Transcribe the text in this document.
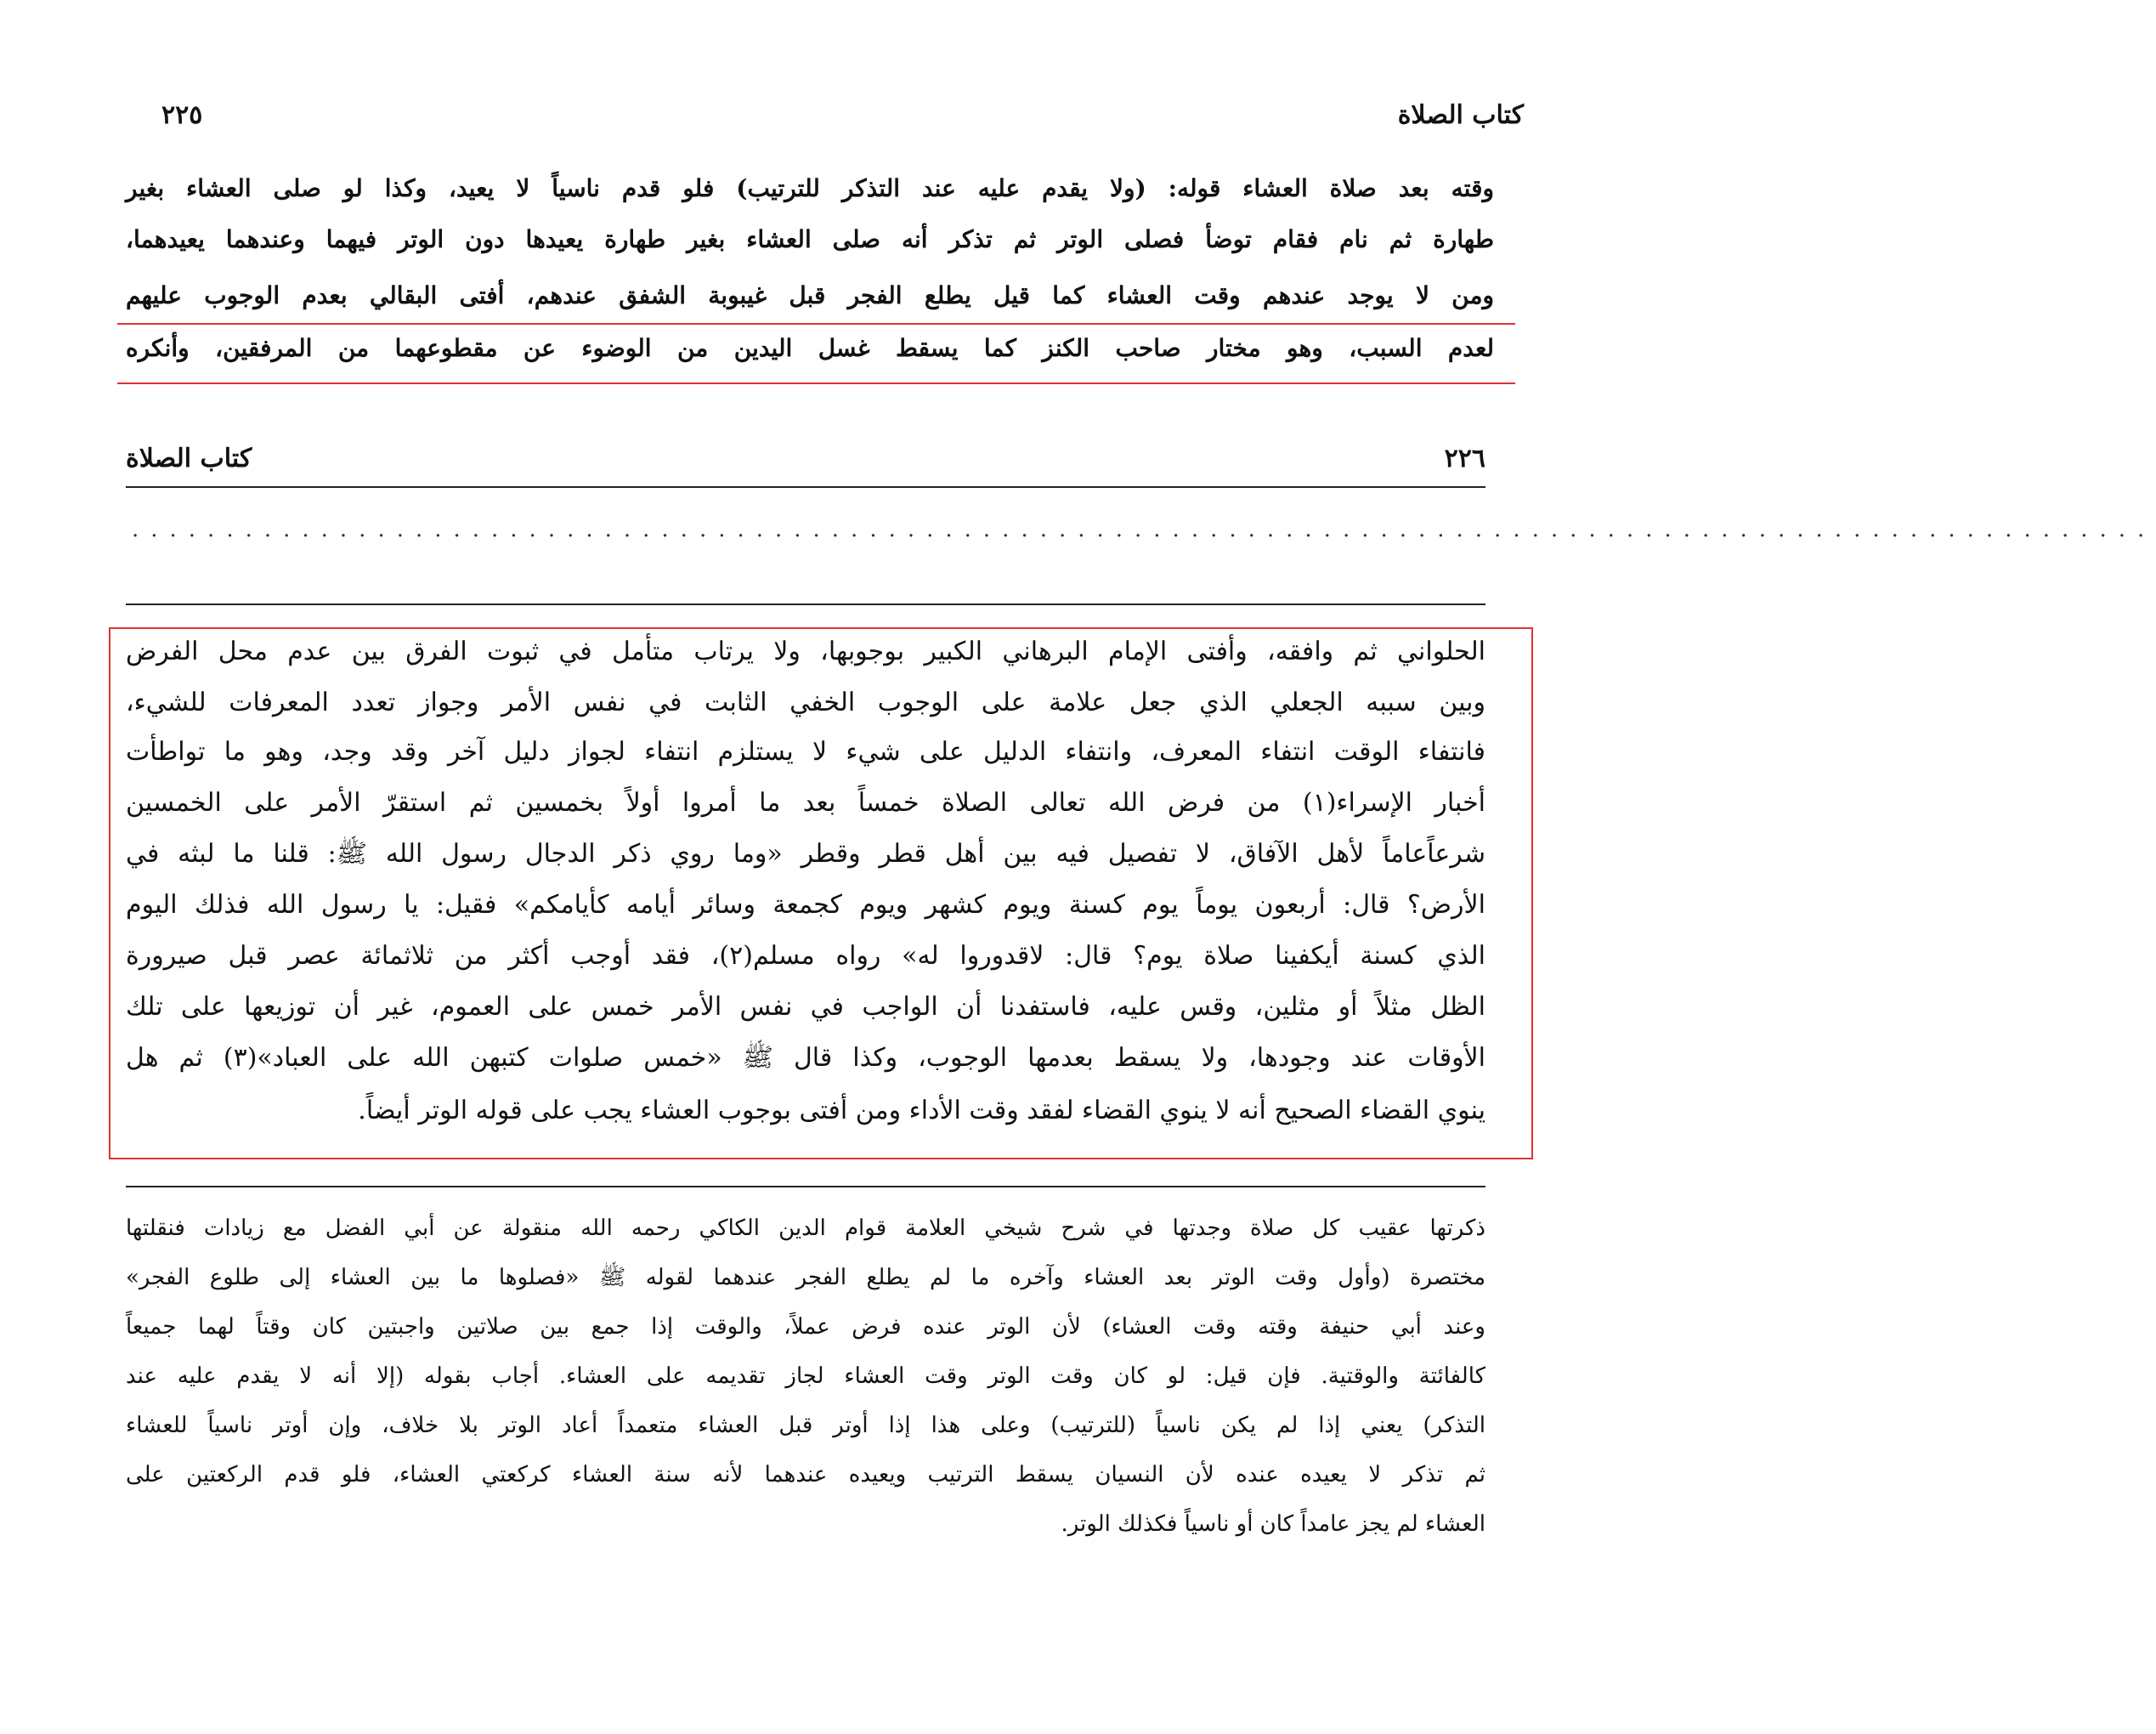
٢٢٥	كتاب الصلاة
وقته بعد صلاة العشاء قوله: (ولا يقدم عليه عند التذكر للترتيب) فلو قدم ناسياً لا يعيد، وكذا لو صلى العشاء بغير
طهارة ثم نام فقام توضأ فصلى الوتر ثم تذكر أنه صلى العشاء بغير طهارة يعيدها دون الوتر فيهما وعندهما يعيدهما،
ومن لا يوجد عندهم وقت العشاء كما قيل يطلع الفجر قبل غيبوبة الشفق عندهم، أفتى البقالي بعدم الوجوب عليهم
لعدم السبب، وهو مختار صاحب الكنز كما يسقط غسل اليدين من الوضوء عن مقطوعهما من المرفقين، وأنكره
٢٢٦
كتاب الصلاة
...........................................................................................................
الحلواني ثم وافقه، وأفتى الإمام البرهاني الكبير بوجوبها، ولا يرتاب متأمل في ثبوت الفرق بين عدم محل الفرض
وبين سببه الجعلي الذي جعل علامة على الوجوب الخفي الثابت في نفس الأمر وجواز تعدد المعرفات للشيء،
فانتفاء الوقت انتفاء المعرف، وانتفاء الدليل على شيء لا يستلزم انتفاء لجواز دليل آخر وقد وجد، وهو ما تواطأت
أخبار الإسراء(١) من فرض الله تعالى الصلاة خمساً بعد ما أمروا أولاً بخمسين ثم استقرّ الأمر على الخمسين
شرعاًعاماً لأهل الآفاق، لا تفصيل فيه بين أهل قطر وقطر «وما روي ذكر الدجال رسول الله ﷺ: قلنا ما لبثه في
الأرض؟ قال: أربعون يوماً يوم كسنة ويوم كشهر ويوم كجمعة وسائر أيامه كأيامكم» فقيل: يا رسول الله فذلك اليوم
الذي كسنة أيكفينا صلاة يوم؟ قال: لاقدوروا له» رواه مسلم(٢)، فقد أوجب أكثر من ثلاثمائة عصر قبل صيرورة
الظل مثلاً أو مثلين، وقس عليه، فاستفدنا أن الواجب في نفس الأمر خمس على العموم، غير أن توزيعها على تلك
الأوقات عند وجودها، ولا يسقط بعدمها الوجوب، وكذا قال ﷺ «خمس صلوات كتبهن الله على العباد»(٣) ثم هل
ينوي القضاء الصحيح أنه لا ينوي القضاء لفقد وقت الأداء ومن أفتى بوجوب العشاء يجب على قوله الوتر أيضاً.
ذكرتها عقيب كل صلاة وجدتها في شرح شيخي العلامة قوام الدين الكاكي رحمه الله منقولة عن أبي الفضل مع زيادات فنقلتها
مختصرة (وأول وقت الوتر بعد العشاء وآخره ما لم يطلع الفجر عندهما لقوله ﷺ «فصلوها ما بين العشاء إلى طلوع الفجر»
وعند أبي حنيفة وقته وقت العشاء) لأن الوتر عنده فرض عملاً، والوقت إذا جمع بين صلاتين واجبتين كان وقتاً لهما جميعاً
كالفائتة والوقتية. فإن قيل: لو كان وقت الوتر وقت العشاء لجاز تقديمه على العشاء. أجاب بقوله (إلا أنه لا يقدم عليه عند
التذكر) يعني إذا لم يكن ناسياً (للترتيب) وعلى هذا إذا أوتر قبل العشاء متعمداً أعاد الوتر بلا خلاف، وإن أوتر ناسياً للعشاء
ثم تذكر لا يعيده عنده لأن النسيان يسقط الترتيب ويعيده عندهما لأنه سنة العشاء كركعتي العشاء، فلو قدم الركعتين على
العشاء لم يجز عامداً كان أو ناسياً فكذلك الوتر.
